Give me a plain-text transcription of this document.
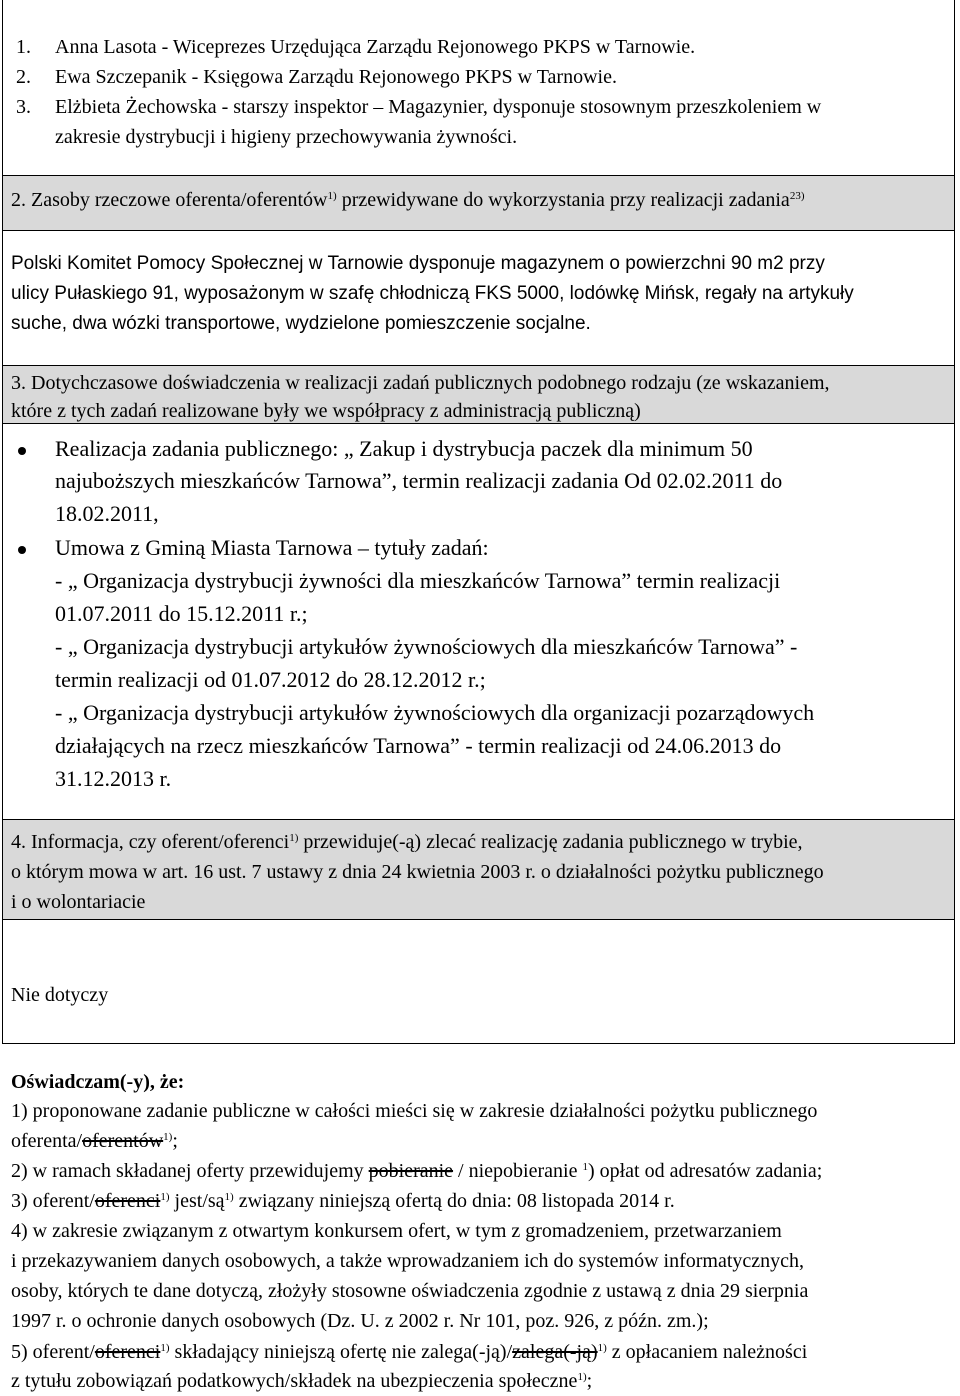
1. Anna Lasota - Wiceprezes Urzędująca Zarządu Rejonowego PKPS w Tarnowie.
2. Ewa Szczepanik - Księgowa Zarządu Rejonowego PKPS w Tarnowie.
3. Elżbieta Żechowska - starszy inspektor – Magazynier, dysponuje stosownym przeszkoleniem w
zakresie dystrybucji i higieny przechowywania żywności.
2. Zasoby rzeczowe oferenta/oferentów$^{1)}$ przewidywane do wykorzystania przy realizacji zadania$^{23)}$
Polski Komitet Pomocy Społecznej w Tarnowie dysponuje magazynem o powierzchni 90 m2 przy
ulicy Pułaskiego 91, wyposażonym w szafę chłodniczą FKS 5000, lodówkę Mińsk, regały na artykuły
suche, dwa wózki transportowe, wydzielone pomieszczenie socjalne.
3. Dotychczasowe doświadczenia w realizacji zadań publicznych podobnego rodzaju (ze wskazaniem,
które z tych zadań realizowane były we współpracy z administracją publiczną)
Realizacja zadania publicznego: „ Zakup i dystrybucja paczek dla minimum 50
najuboższych mieszkańców Tarnowa”, termin realizacji zadania Od 02.02.2011 do
18.02.2011,
Umowa z Gminą Miasta Tarnowa – tytuły zadań:
- „ Organizacja dystrybucji żywności dla mieszkańców Tarnowa” termin realizacji
01.07.2011 do 15.12.2011 r.;
- „ Organizacja dystrybucji artykułów żywnościowych dla mieszkańców Tarnowa” -
termin realizacji od 01.07.2012 do 28.12.2012 r.;
- „ Organizacja dystrybucji artykułów żywnościowych dla organizacji pozarządowych
działających na rzecz mieszkańców Tarnowa” - termin realizacji od 24.06.2013 do
31.12.2013 r.
4. Informacja, czy oferent/oferenci$^{1)}$ przewiduje(-ą) zlecać realizację zadania publicznego w trybie,
o którym mowa w art. 16 ust. 7 ustawy z dnia 24 kwietnia 2003 r. o działalności pożytku publicznego
i o wolontariacie
Nie dotyczy
Oświadczam(-y), że:
1) proponowane zadanie publiczne w całości mieści się w zakresie działalności pożytku publicznego
oferenta/oferentów$^{1)}$;
2) w ramach składanej oferty przewidujemy pobieranie / niepobieranie $^1$) opłat od adresatów zadania;
3) oferent/oferenci$^{1)}$ jest/$są^{1)}$ związany niniejszą ofertą do dnia: 08 listopada 2014 r.
4) w zakresie związanym z otwartym konkursem ofert, w tym z gromadzeniem, przetwarzaniem
i przekazywaniem danych osobowych, a także wprowadzaniem ich do systemów informatycznych,
osoby, których te dane dotyczą, złożyły stosowne oświadczenia zgodnie z ustawą z dnia 29 sierpnia
1997 r. o ochronie danych osobowych (Dz. U. z 2002 r. Nr 101, poz. 926, z późn. zm.);
5) oferent/oferenci$^{1)}$ składający niniejszą ofertę nie zalega(-ją)/zalega(-ją)$^{1)}$ z opłacaniem należności
z tytułu zobowiązań podatkowych/składek na ubezpieczenia społeczne$^{1)}$;
